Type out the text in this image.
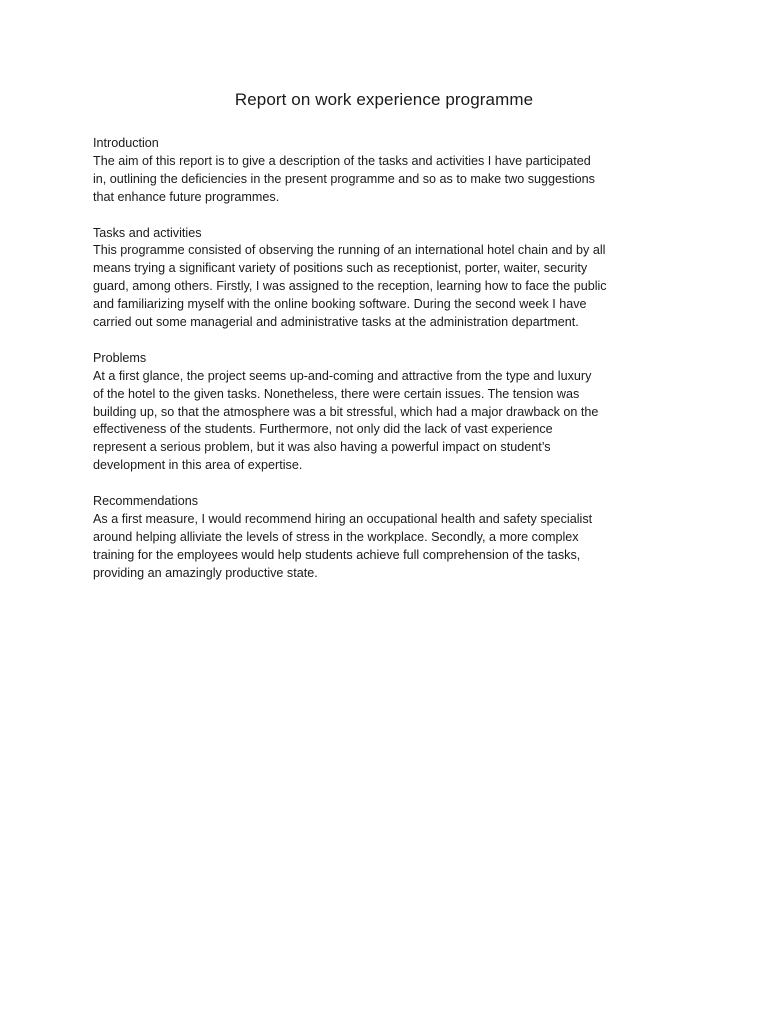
Report on work experience programme
Introduction
The aim of this report is to give a description of the tasks and activities I have participated
in, outlining the deficiencies in the present programme and so as to make two suggestions
that enhance future programmes.
Tasks and activities
This programme consisted of observing the running of an international hotel chain and by all
means trying a significant variety of positions such as receptionist, porter, waiter, security
guard, among others. Firstly, I was assigned to the reception, learning how to face the public
and familiarizing myself with the online booking software. During the second week I have
carried out some managerial and administrative tasks at the administration department.
Problems
At a first glance, the project seems up-and-coming and attractive from the type and luxury
of the hotel to the given tasks. Nonetheless, there were certain issues. The tension was
building up, so that the atmosphere was a bit stressful, which had a major drawback on the
effectiveness of the students. Furthermore, not only did the lack of vast experience
represent a serious problem, but it was also having a powerful impact on student’s
development in this area of expertise.
Recommendations
As a first measure, I would recommend hiring an occupational health and safety specialist
around helping alliviate the levels of stress in the workplace. Secondly, a more complex
training for the employees would help students achieve full comprehension of the tasks,
providing an amazingly productive state.
